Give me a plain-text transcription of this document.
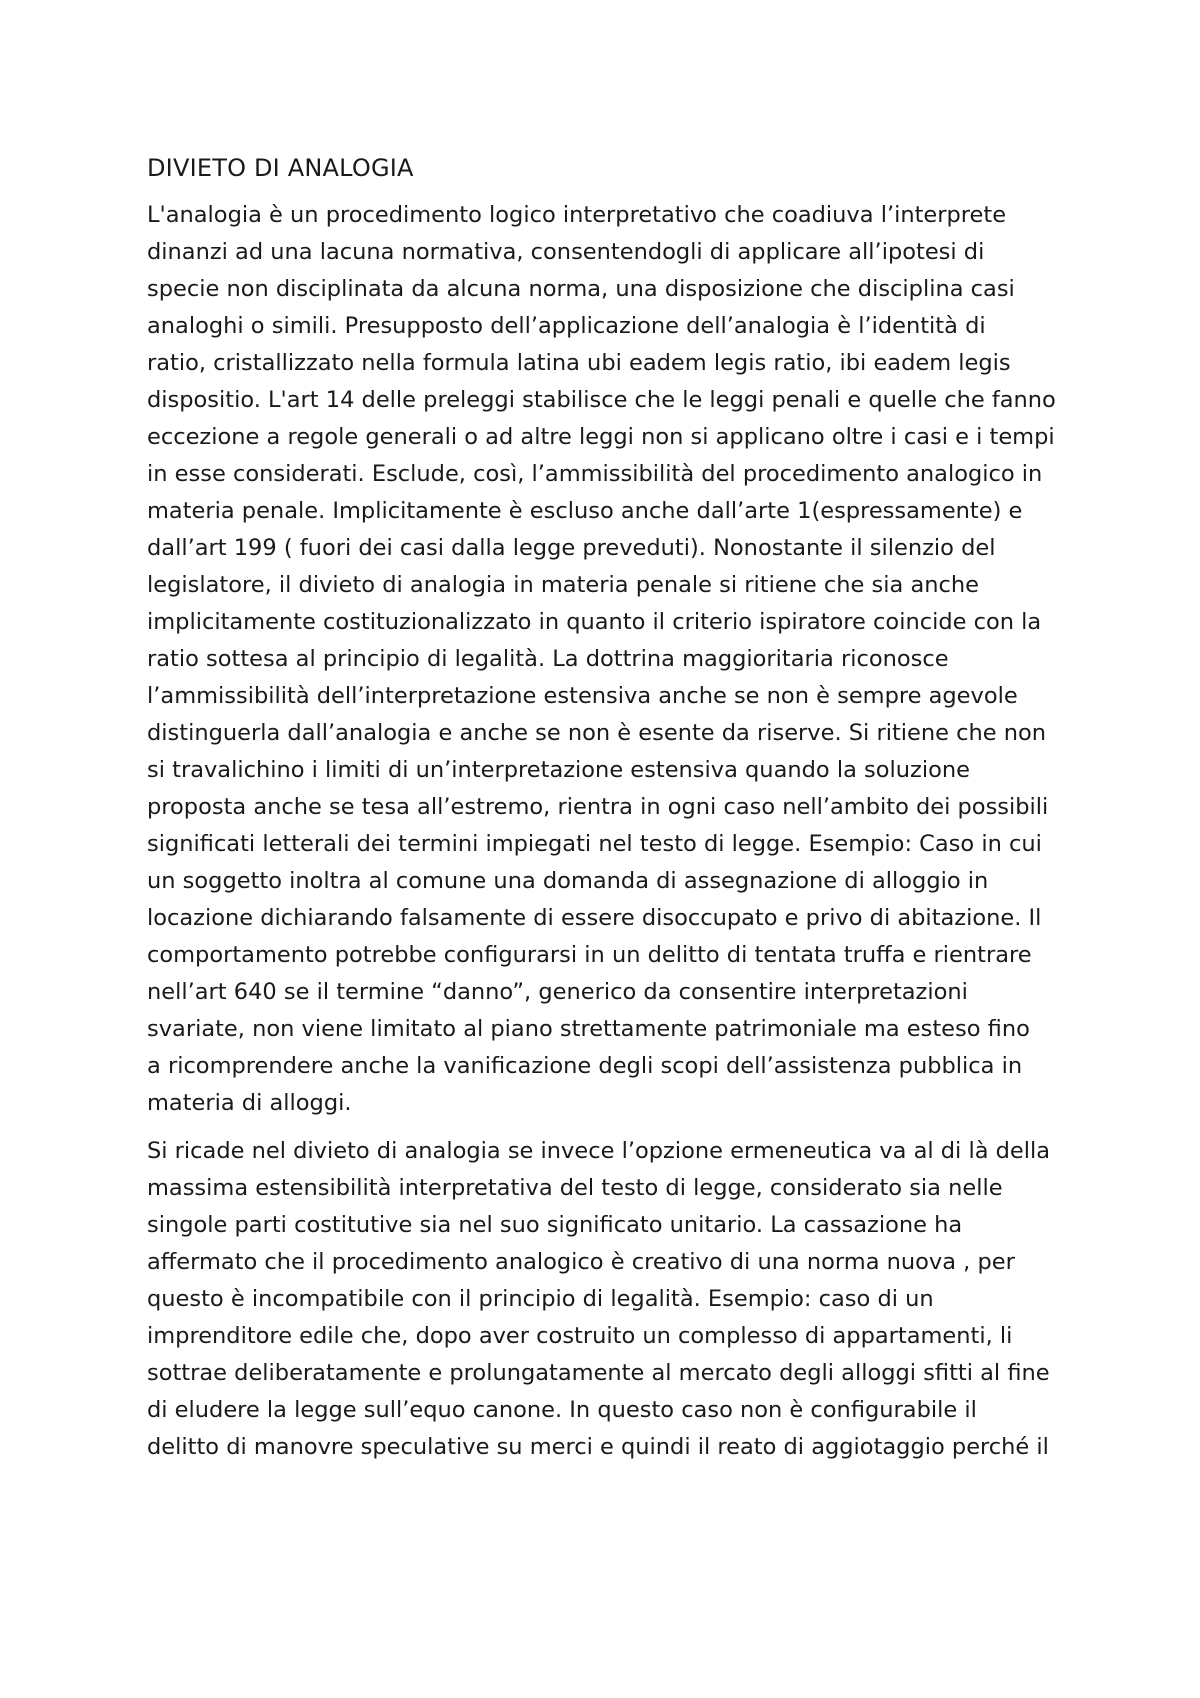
DIVIETO DI ANALOGIA

L'analogia è un procedimento logico interpretativo che coadiuva l’interprete
dinanzi ad una lacuna normativa, consentendogli di applicare all’ipotesi di
specie non disciplinata da alcuna norma, una disposizione che disciplina casi
analoghi o simili. Presupposto dell’applicazione dell’analogia è l’identità di
ratio, cristallizzato nella formula latina ubi eadem legis ratio, ibi eadem legis
dispositio. L'art 14 delle preleggi stabilisce che le leggi penali e quelle che fanno
eccezione a regole generali o ad altre leggi non si applicano oltre i casi e i tempi
in esse considerati. Esclude, così, l’ammissibilità del procedimento analogico in
materia penale. Implicitamente è escluso anche dall’arte 1(espressamente) e
dall’art 199 ( fuori dei casi dalla legge preveduti). Nonostante il silenzio del
legislatore, il divieto di analogia in materia penale si ritiene che sia anche
implicitamente costituzionalizzato in quanto il criterio ispiratore coincide con la
ratio sottesa al principio di legalità. La dottrina maggioritaria riconosce
l’ammissibilità dell’interpretazione estensiva anche se non è sempre agevole
distinguerla dall’analogia e anche se non è esente da riserve. Si ritiene che non
si travalichino i limiti di un’interpretazione estensiva quando la soluzione
proposta anche se tesa all’estremo, rientra in ogni caso nell’ambito dei possibili
significati letterali dei termini impiegati nel testo di legge. Esempio: Caso in cui
un soggetto inoltra al comune una domanda di assegnazione di alloggio in
locazione dichiarando falsamente di essere disoccupato e privo di abitazione. Il
comportamento potrebbe configurarsi in un delitto di tentata truffa e rientrare
nell’art 640 se il termine “danno”, generico da consentire interpretazioni
svariate, non viene limitato al piano strettamente patrimoniale ma esteso fino
a ricomprendere anche la vanificazione degli scopi dell’assistenza pubblica in
materia di alloggi.

Si ricade nel divieto di analogia se invece l’opzione ermeneutica va al di là della
massima estensibilità interpretativa del testo di legge, considerato sia nelle
singole parti costitutive sia nel suo significato unitario. La cassazione ha
affermato che il procedimento analogico è creativo di una norma nuova , per
questo è incompatibile con il principio di legalità. Esempio: caso di un
imprenditore edile che, dopo aver costruito un complesso di appartamenti, li
sottrae deliberatamente e prolungatamente al mercato degli alloggi sfitti al fine
di eludere la legge sull’equo canone. In questo caso non è configurabile il
delitto di manovre speculative su merci e quindi il reato di aggiotaggio perché il
